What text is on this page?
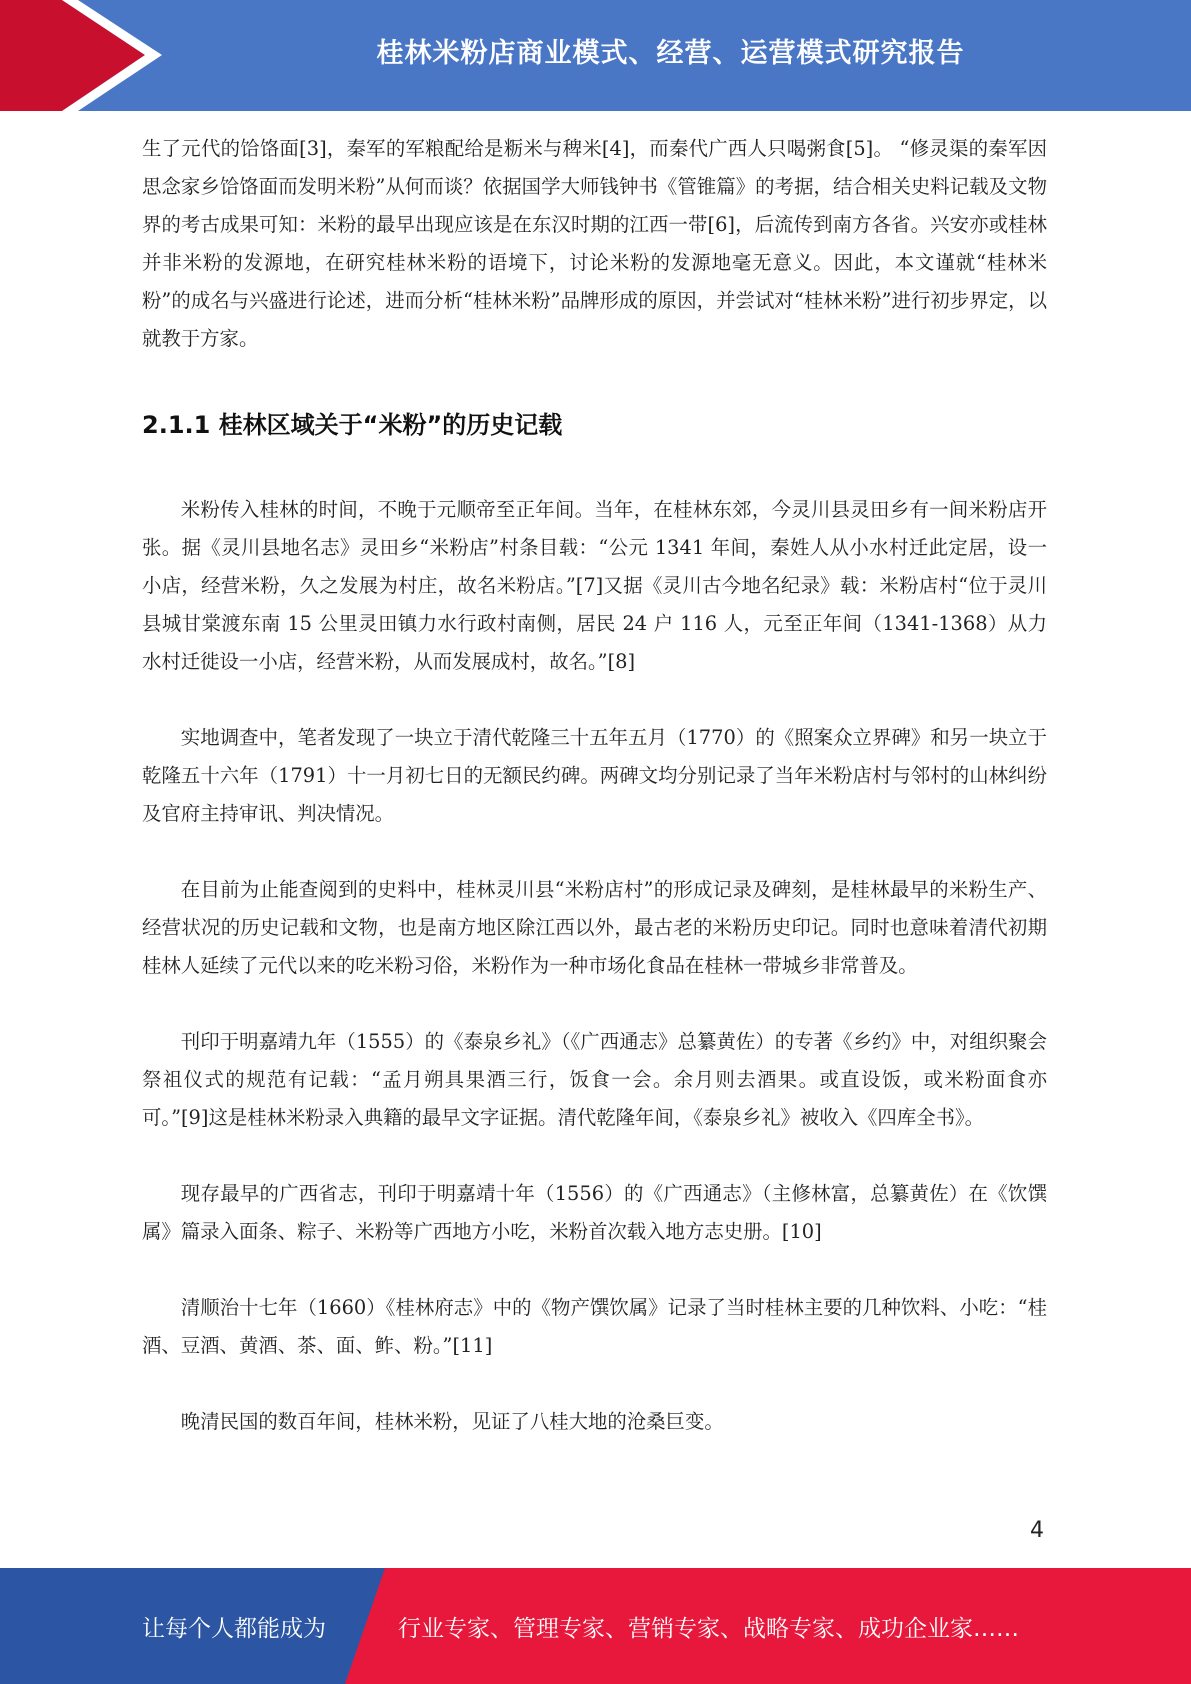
桂林米粉店商业模式、经营、运营模式研究报告

生了元代的饸饹面[3]，秦军的军粮配给是粝米与稗米[4]，而秦代广西人只喝粥食[5]。 “修灵渠的秦军因思念家乡饸饹面而发明米粉”从何而谈？依据国学大师钱钟书《管锥篇》的考据，结合相关史料记载及文物界的考古成果可知：米粉的最早出现应该是在东汉时期的江西一带[6]，后流传到南方各省。兴安亦或桂林并非米粉的发源地，在研究桂林米粉的语境下，讨论米粉的发源地毫无意义。因此，本文谨就“桂林米粉”的成名与兴盛进行论述，进而分析“桂林米粉”品牌形成的原因，并尝试对“桂林米粉”进行初步界定，以就教于方家。

2.1.1 桂林区域关于“米粉”的历史记载

米粉传入桂林的时间，不晚于元顺帝至正年间。当年，在桂林东郊，今灵川县灵田乡有一间米粉店开张。据《灵川县地名志》灵田乡“米粉店”村条目载：“公元 1341 年间，秦姓人从小水村迁此定居，设一小店，经营米粉，久之发展为村庄，故名米粉店。”[7]又据《灵川古今地名纪录》载：米粉店村“位于灵川县城甘棠渡东南 15 公里灵田镇力水行政村南侧，居民 24 户 116 人，元至正年间（1341-1368）从力水村迁徙设一小店，经营米粉，从而发展成村，故名。”[8]

实地调查中，笔者发现了一块立于清代乾隆三十五年五月（1770）的《照案众立界碑》和另一块立于乾隆五十六年（1791）十一月初七日的无额民约碑。两碑文均分别记录了当年米粉店村与邻村的山林纠纷及官府主持审讯、判决情况。

在目前为止能查阅到的史料中，桂林灵川县“米粉店村”的形成记录及碑刻，是桂林最早的米粉生产、经营状况的历史记载和文物，也是南方地区除江西以外，最古老的米粉历史印记。同时也意味着清代初期桂林人延续了元代以来的吃米粉习俗，米粉作为一种市场化食品在桂林一带城乡非常普及。

刊印于明嘉靖九年（1555）的《泰泉乡礼》（《广西通志》总纂黄佐）的专著《乡约》中，对组织聚会祭祖仪式的规范有记载：“孟月朔具果酒三行，饭食一会。余月则去酒果。或直设饭，或米粉面食亦可。”[9]这是桂林米粉录入典籍的最早文字证据。清代乾隆年间，《泰泉乡礼》被收入《四库全书》。

现存最早的广西省志，刊印于明嘉靖十年（1556）的《广西通志》（主修林富，总纂黄佐）在《饮馔属》篇录入面条、粽子、米粉等广西地方小吃，米粉首次载入地方志史册。[10]

清顺治十七年（1660）《桂林府志》中的《物产馔饮属》记录了当时桂林主要的几种饮料、小吃：“桂酒、豆酒、黄酒、茶、面、鲊、粉。”[11]

晚清民国的数百年间，桂林米粉，见证了八桂大地的沧桑巨变。

4
让每个人都能成为	行业专家、管理专家、营销专家、战略专家、成功企业家……
